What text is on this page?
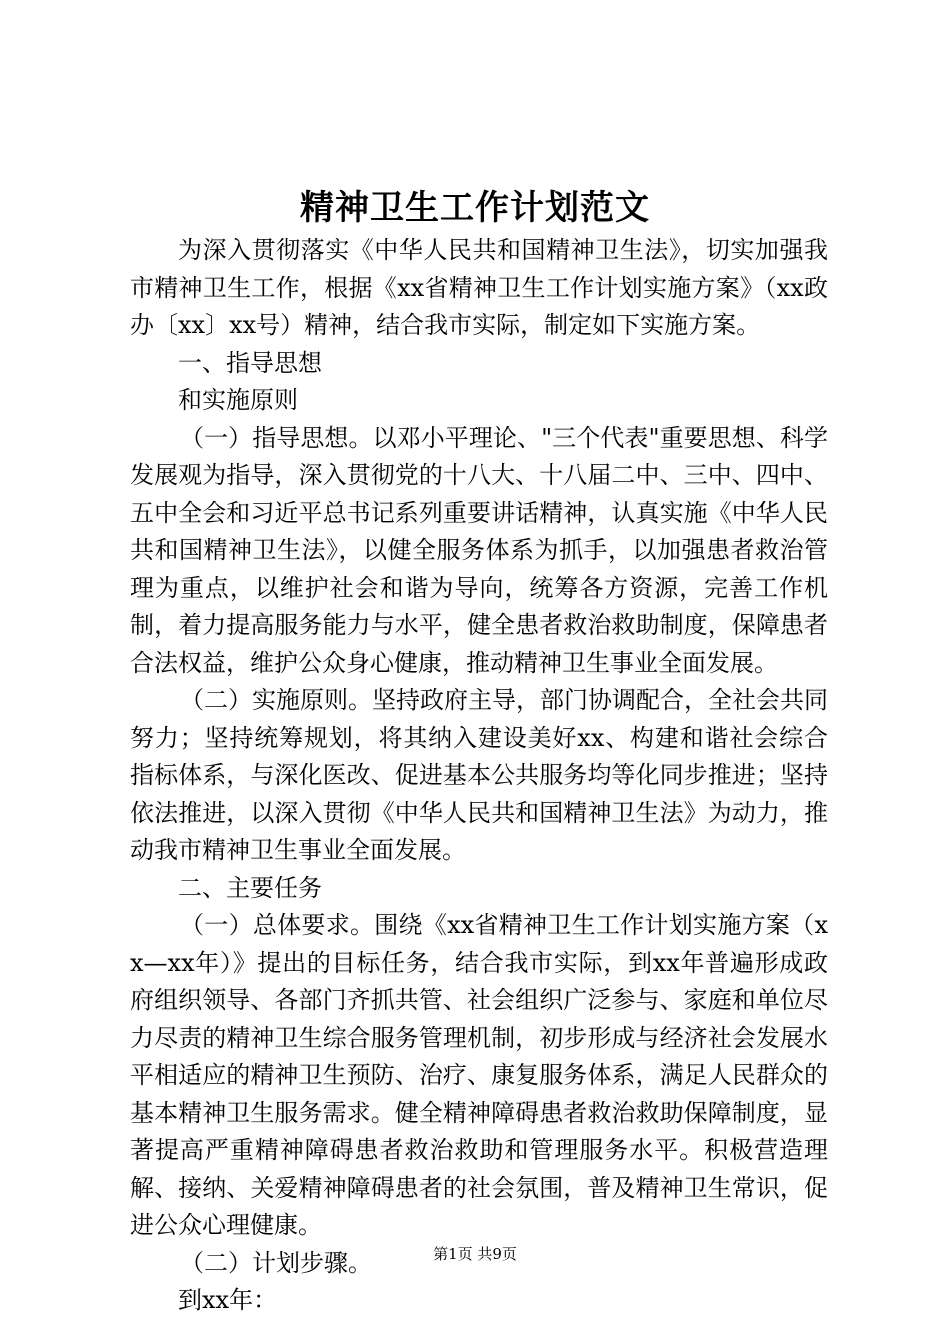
精神卫生工作计划范文

为深入贯彻落实《中华人民共和国精神卫生法》，切实加强我市精神卫生工作，根据《xx省精神卫生工作计划实施方案》（xx政办〔xx〕xx号）精神，结合我市实际，制定如下实施方案。

一、指导思想

和实施原则

（一）指导思想。以邓小平理论、"三个代表"重要思想、科学发展观为指导，深入贯彻党的十八大、十八届二中、三中、四中、五中全会和习近平总书记系列重要讲话精神，认真实施《中华人民共和国精神卫生法》，以健全服务体系为抓手，以加强患者救治管理为重点，以维护社会和谐为导向，统筹各方资源，完善工作机制，着力提高服务能力与水平，健全患者救治救助制度，保障患者合法权益，维护公众身心健康，推动精神卫生事业全面发展。

（二）实施原则。坚持政府主导，部门协调配合，全社会共同努力；坚持统筹规划，将其纳入建设美好xx、构建和谐社会综合指标体系，与深化医改、促进基本公共服务均等化同步推进；坚持依法推进，以深入贯彻《中华人民共和国精神卫生法》为动力，推动我市精神卫生事业全面发展。

二、主要任务

（一）总体要求。围绕《xx省精神卫生工作计划实施方案（xx—xx年）》提出的目标任务，结合我市实际，到xx年普遍形成政府组织领导、各部门齐抓共管、社会组织广泛参与、家庭和单位尽力尽责的精神卫生综合服务管理机制，初步形成与经济社会发展水平相适应的精神卫生预防、治疗、康复服务体系，满足人民群众的基本精神卫生服务需求。健全精神障碍患者救治救助保障制度，显著提高严重精神障碍患者救治救助和管理服务水平。积极营造理解、接纳、关爱精神障碍患者的社会氛围，普及精神卫生常识，促进公众心理健康。

（二）计划步骤。

到xx年：

第1页 共9页
